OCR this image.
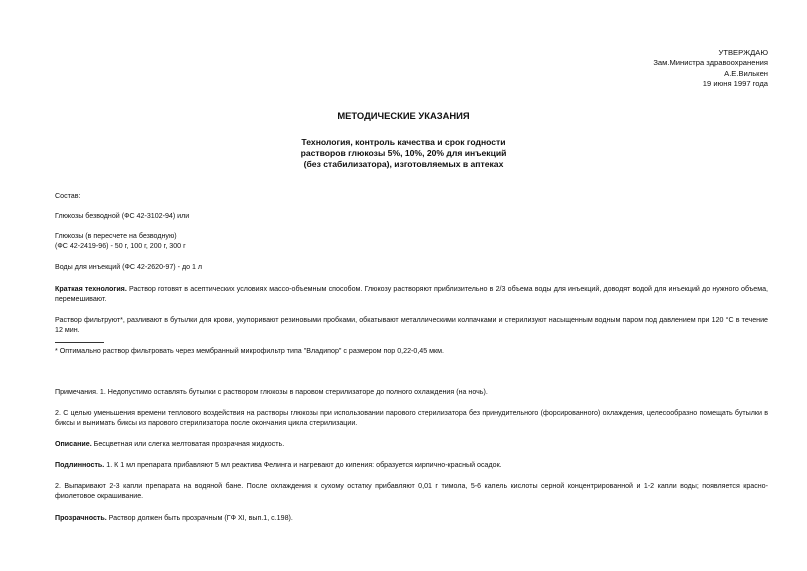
УТВЕРЖДАЮ
Зам.Министра здравоохранения
А.Е.Вилькен
19 июня 1997 года
МЕТОДИЧЕСКИЕ УКАЗАНИЯ
Технология, контроль качества и срок годности
растворов глюкозы 5%, 10%, 20% для инъекций
(без стабилизатора), изготовляемых в аптеках
Состав:
Глюкозы безводной (ФС 42-3102-94) или
Глюкозы (в пересчете на безводную)
(ФС 42-2419-96) - 50 г, 100 г, 200 г, 300 г
Воды для инъекций (ФС 42-2620-97) - до 1 л
Краткая технология. Раствор готовят в асептических условиях массо-объемным способом. Глюкозу растворяют приблизительно в 2/3 объема воды для инъекций, доводят водой для инъекций до нужного объема, перемешивают.
Раствор фильтруют*, разливают в бутылки для крови, укупоривают резиновыми пробками, обкатывают металлическими колпачками и стерилизуют насыщенным водным паром под давлением при 120 °С в течение 12 мин.
* Оптимально раствор фильтровать через мембранный микрофильтр типа "Владипор" с размером пор 0,22-0,45 мкм.
Примечания. 1. Недопустимо оставлять бутылки с раствором глюкозы в паровом стерилизаторе до полного охлаждения (на ночь).
2. С целью уменьшения времени теплового воздействия на растворы глюкозы при использовании парового стерилизатора без принудительного (форсированного) охлаждения, целесообразно помещать бутылки в биксы и вынимать биксы из парового стерилизатора после окончания цикла стерилизации.
Описание. Бесцветная или слегка желтоватая прозрачная жидкость.
Подлинность. 1. К 1 мл препарата прибавляют 5 мл реактива Фелинга и нагревают до кипения: образуется кирпично-красный осадок.
2. Выпаривают 2-3 капли препарата на водяной бане. После охлаждения к сухому остатку прибавляют 0,01 г тимола, 5-6 капель кислоты серной концентрированной и 1-2 капли воды; появляется красно-фиолетовое окрашивание.
Прозрачность. Раствор должен быть прозрачным (ГФ XI, вып.1, с.198).
